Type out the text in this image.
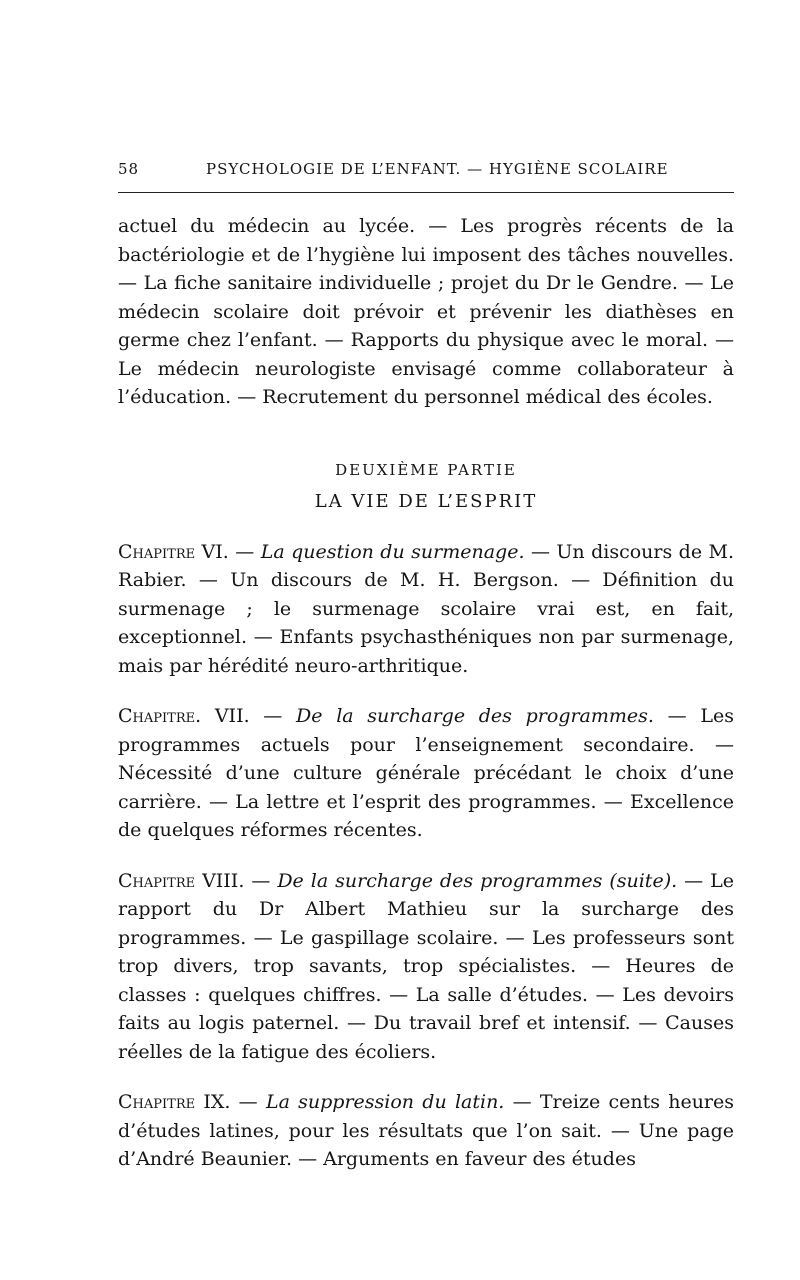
58	PSYCHOLOGIE DE L’ENFANT. — HYGIÈNE SCOLAIRE

actuel du médecin au lycée. — Les progrès récents de la bactériologie et de l’hygiène lui imposent des tâches nouvelles. — La fiche sanitaire individuelle ; projet du Dr le Gendre. — Le médecin scolaire doit prévoir et prévenir les diathèses en germe chez l’enfant. — Rapports du physique avec le moral. — Le médecin neurologiste envisagé comme collaborateur à l’éducation. — Recrutement du personnel médical des écoles.

DEUXIÈME PARTIE

LA VIE DE L’ESPRIT

Chapitre VI. — La question du surmenage. — Un discours de M. Rabier. — Un discours de M. H. Bergson. — Définition du surmenage ; le surmenage scolaire vrai est, en fait, exceptionnel. — Enfants psychasthéniques non par surmenage, mais par hérédité neuro-arthritique.

Chapitre. VII. — De la surcharge des programmes. — Les programmes actuels pour l’enseignement secondaire. — Nécessité d’une culture générale précédant le choix d’une carrière. — La lettre et l’esprit des programmes. — Excellence de quelques réformes récentes.

Chapitre VIII. — De la surcharge des programmes (suite). — Le rapport du Dr Albert Mathieu sur la surcharge des programmes. — Le gaspillage scolaire. — Les professeurs sont trop divers, trop savants, trop spécialistes. — Heures de classes : quelques chiffres. — La salle d’études. — Les devoirs faits au logis paternel. — Du travail bref et intensif. — Causes réelles de la fatigue des écoliers.

Chapitre IX. — La suppression du latin. — Treize cents heures d’études latines, pour les résultats que l’on sait. — Une page d’André Beaunier. — Arguments en faveur des études
